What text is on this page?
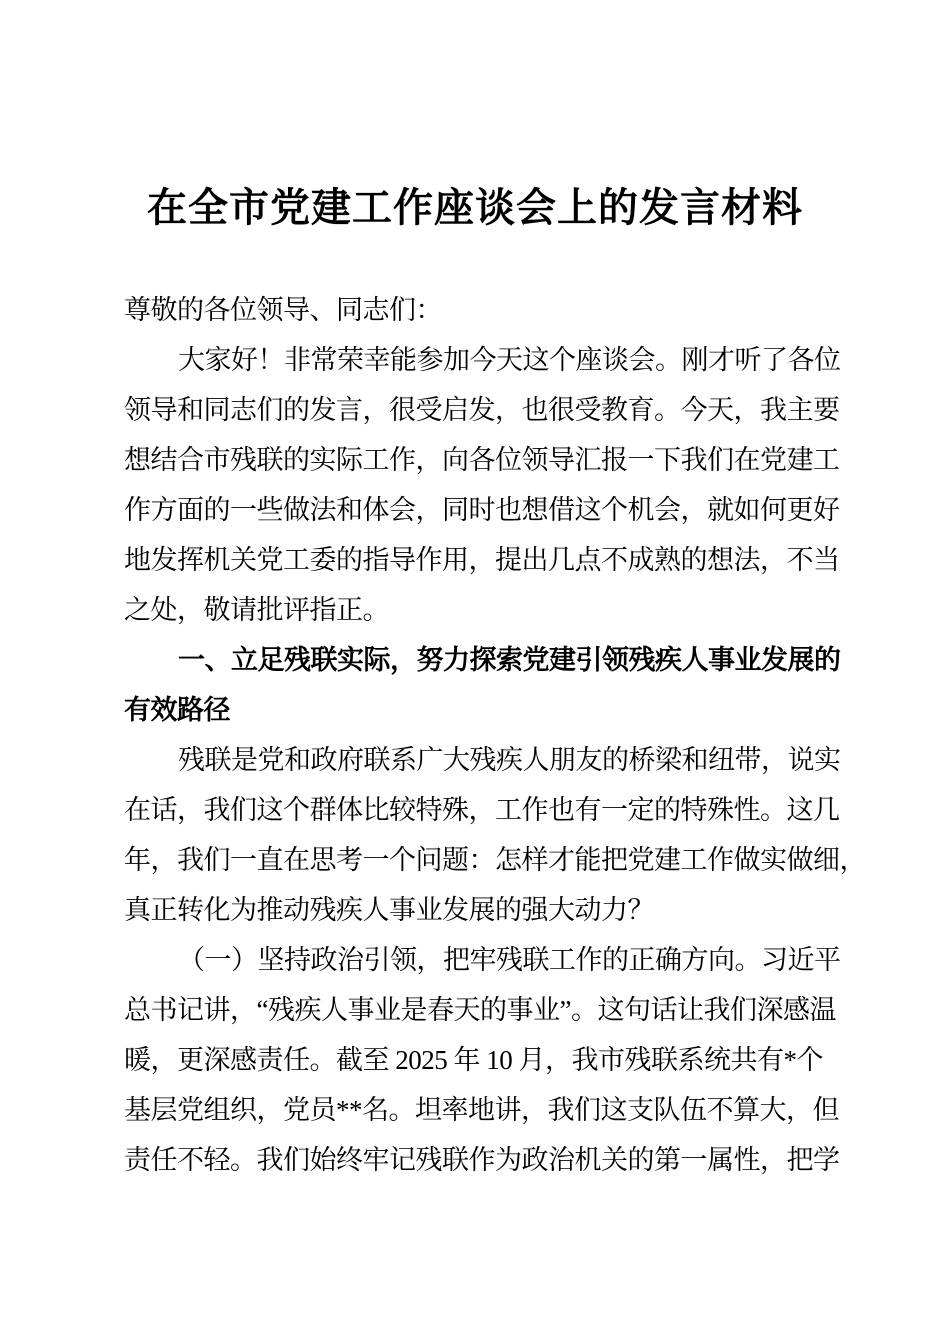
在全市党建工作座谈会上的发言材料
尊敬的各位领导、同志们：
大家好！非常荣幸能参加今天这个座谈会。刚才听了各位
领导和同志们的发言，很受启发，也很受教育。今天，我主要
想结合市残联的实际工作，向各位领导汇报一下我们在党建工
作方面的一些做法和体会，同时也想借这个机会，就如何更好
地发挥机关党工委的指导作用，提出几点不成熟的想法，不当
之处，敬请批评指正。
一、立足残联实际，努力探索党建引领残疾人事业发展的
有效路径
残联是党和政府联系广大残疾人朋友的桥梁和纽带，说实
在话，我们这个群体比较特殊，工作也有一定的特殊性。这几
年，我们一直在思考一个问题：怎样才能把党建工作做实做细，
真正转化为推动残疾人事业发展的强大动力？
（一）坚持政治引领，把牢残联工作的正确方向。习近平
总书记讲，“残疾人事业是春天的事业”。这句话让我们深感温
暖，更深感责任。截至 2025 年 10 月，我市残联系统共有*个
基层党组织，党员**名。坦率地讲，我们这支队伍不算大，但
责任不轻。我们始终牢记残联作为政治机关的第一属性，把学
